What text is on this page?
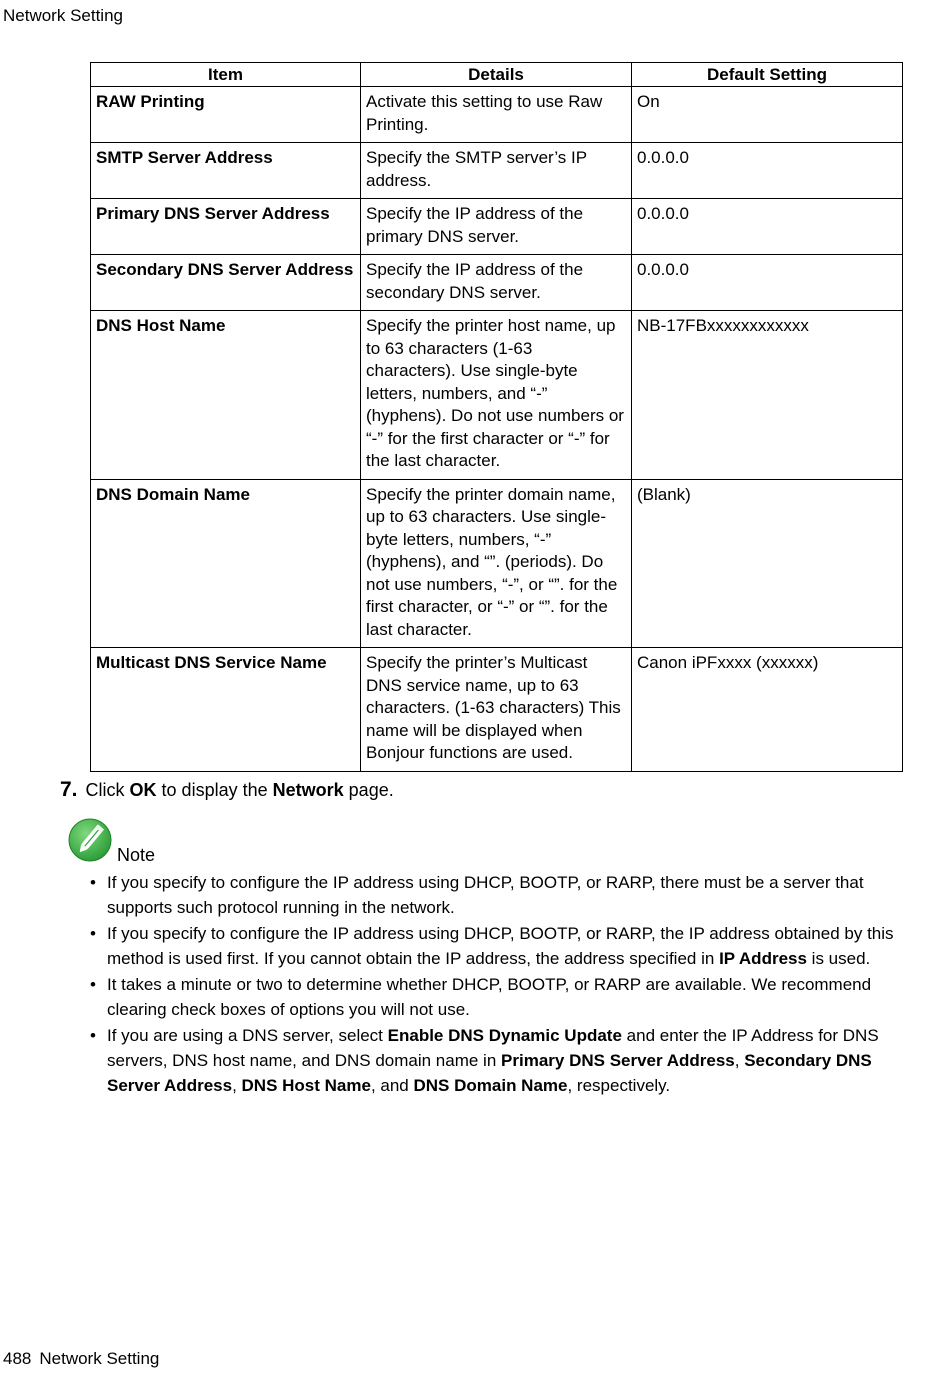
Network Setting
Item	Details	Default Setting
RAW Printing	Activate this setting to use Raw Printing.	On
SMTP Server Address	Specify the SMTP server’s IP address.	0.0.0.0
Primary DNS Server Address	Specify the IP address of the primary DNS server.	0.0.0.0
Secondary DNS Server Address	Specify the IP address of the secondary DNS server.	0.0.0.0
DNS Host Name	Specify the printer host name, up to 63 characters (1-63 characters). Use single-byte letters, numbers, and “-” (hyphens). Do not use numbers or “-” for the first character or “-” for the last character.	NB-17FBxxxxxxxxxxxx
DNS Domain Name	Specify the printer domain name, up to 63 characters. Use single-byte letters, numbers, “-” (hyphens), and “”. (periods). Do not use numbers, “-”, or “”. for the first character, or “-” or “”. for the last character.	(Blank)
Multicast DNS Service Name	Specify the printer’s Multicast DNS service name, up to 63 characters. (1-63 characters) This name will be displayed when Bonjour functions are used.	Canon iPFxxxx (xxxxxx)
7. Click OK to display the Network page.
Note
• If you specify to configure the IP address using DHCP, BOOTP, or RARP, there must be a server that supports such protocol running in the network.
• If you specify to configure the IP address using DHCP, BOOTP, or RARP, the IP address obtained by this method is used first. If you cannot obtain the IP address, the address specified in IP Address is used.
• It takes a minute or two to determine whether DHCP, BOOTP, or RARP are available. We recommend clearing check boxes of options you will not use.
• If you are using a DNS server, select Enable DNS Dynamic Update and enter the IP Address for DNS servers, DNS host name, and DNS domain name in Primary DNS Server Address, Secondary DNS Server Address, DNS Host Name, and DNS Domain Name, respectively.
488 Network Setting
